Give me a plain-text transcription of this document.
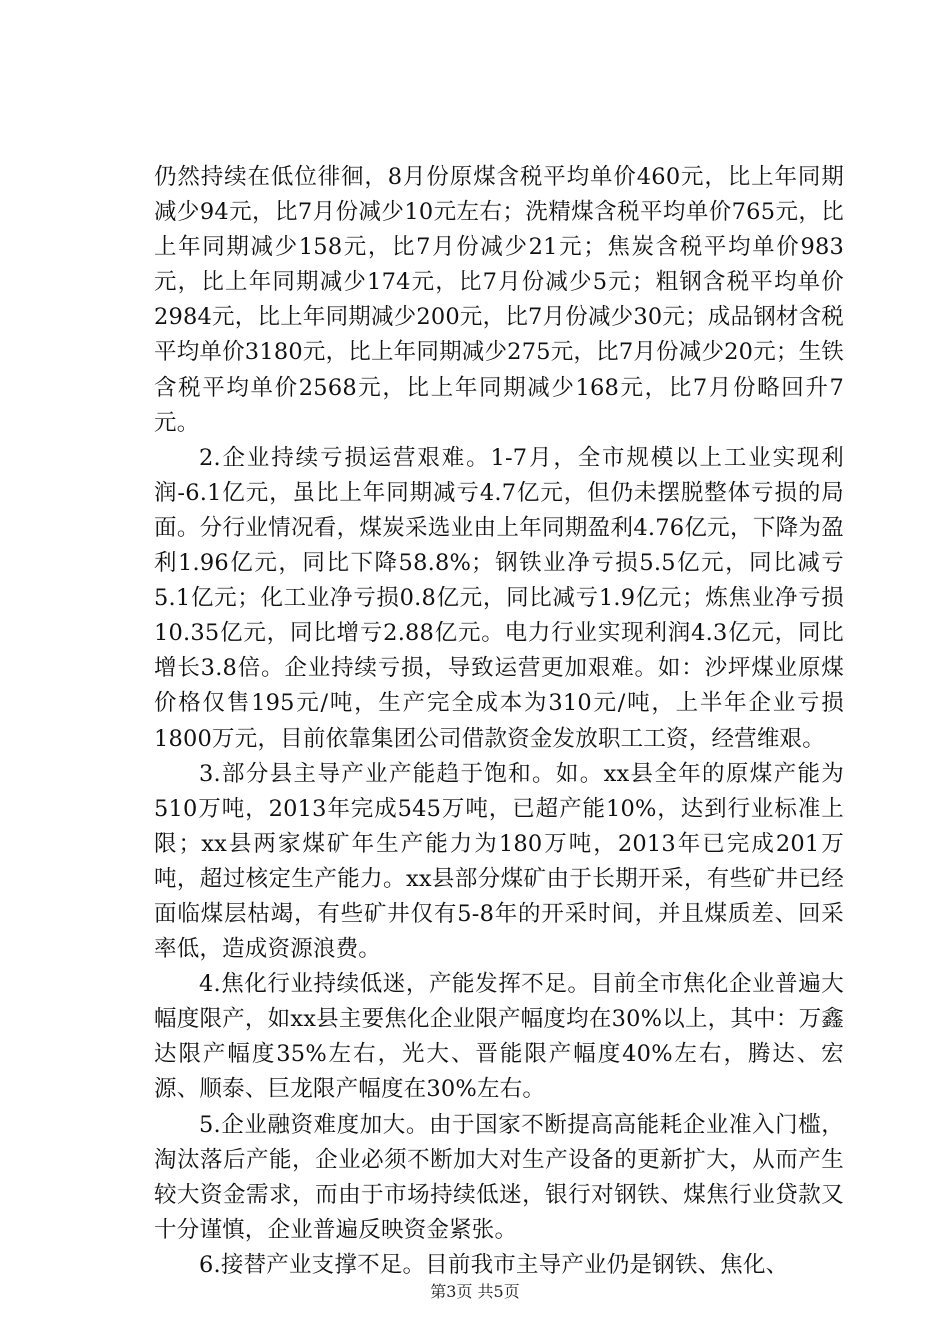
仍然持续在低位徘徊，8月份原煤含税平均单价460元，比上年同期减少94元，比7月份减少10元左右；洗精煤含税平均单价765元，比上年同期减少158元，比7月份减少21元；焦炭含税平均单价983元，比上年同期减少174元，比7月份减少5元；粗钢含税平均单价2984元，比上年同期减少200元，比7月份减少30元；成品钢材含税平均单价3180元，比上年同期减少275元，比7月份减少20元；生铁含税平均单价2568元，比上年同期减少168元，比7月份略回升7元。

2.企业持续亏损运营艰难。1-7月，全市规模以上工业实现利润-6.1亿元，虽比上年同期减亏4.7亿元，但仍未摆脱整体亏损的局面。分行业情况看，煤炭采选业由上年同期盈利4.76亿元，下降为盈利1.96亿元，同比下降58.8%；钢铁业净亏损5.5亿元，同比减亏5.1亿元；化工业净亏损0.8亿元，同比减亏1.9亿元；炼焦业净亏损10.35亿元，同比增亏2.88亿元。电力行业实现利润4.3亿元，同比增长3.8倍。企业持续亏损，导致运营更加艰难。如：沙坪煤业原煤价格仅售195元/吨，生产完全成本为310元/吨，上半年企业亏损1800万元，目前依靠集团公司借款资金发放职工工资，经营维艰。

3.部分县主导产业产能趋于饱和。如。xx县全年的原煤产能为510万吨，2013年完成545万吨，已超产能10%，达到行业标准上限；xx县两家煤矿年生产能力为180万吨，2013年已完成201万吨，超过核定生产能力。xx县部分煤矿由于长期开采，有些矿井已经面临煤层枯竭，有些矿井仅有5-8年的开采时间，并且煤质差、回采率低，造成资源浪费。

4.焦化行业持续低迷，产能发挥不足。目前全市焦化企业普遍大幅度限产，如xx县主要焦化企业限产幅度均在30%以上，其中：万鑫达限产幅度35%左右，光大、晋能限产幅度40%左右，腾达、宏源、顺泰、巨龙限产幅度在30%左右。

5.企业融资难度加大。由于国家不断提高高能耗企业准入门槛，淘汰落后产能，企业必须不断加大对生产设备的更新扩大，从而产生较大资金需求，而由于市场持续低迷，银行对钢铁、煤焦行业贷款又十分谨慎，企业普遍反映资金紧张。

6.接替产业支撑不足。目前我市主导产业仍是钢铁、焦化、

第3页 共5页
